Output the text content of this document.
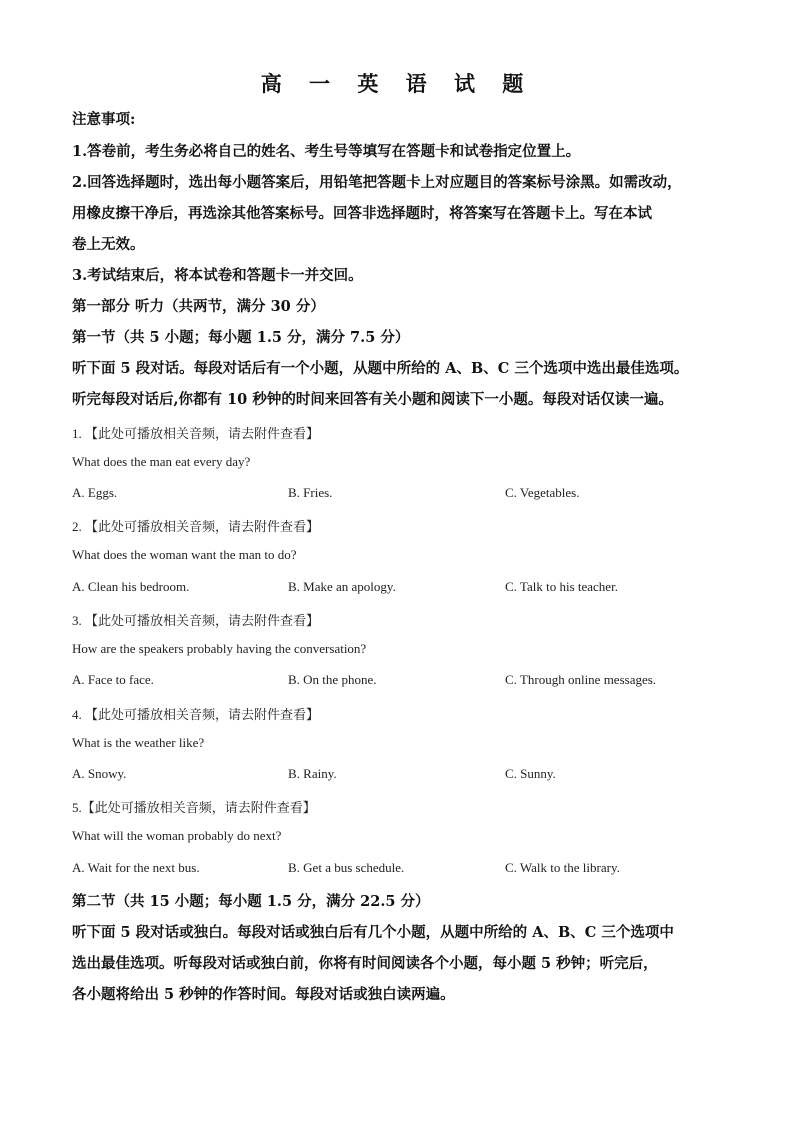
高 一 英 语 试 题
注意事项:
1.答卷前，考生务必将自己的姓名、考生号等填写在答题卡和试卷指定位置上。
2.回答选择题时，选出每小题答案后，用铅笔把答题卡上对应题目的答案标号涂黑。如需改动，
用橡皮擦干净后，再选涂其他答案标号。回答非选择题时，将答案写在答题卡上。写在本试
卷上无效。
3.考试结束后，将本试卷和答题卡一并交回。
第一部分 听力（共两节，满分 30 分）
第一节（共 5 小题；每小题 1.5 分，满分 7.5 分）
听下面 5 段对话。每段对话后有一个小题，从题中所给的 A、B、C 三个选项中选出最佳选项。
听完每段对话后,你都有 10 秒钟的时间来回答有关小题和阅读下一小题。每段对话仅读一遍。
1. 【此处可播放相关音频，请去附件查看】
What does the man eat every day?
A. Eggs.	B. Fries.	C. Vegetables.
2. 【此处可播放相关音频，请去附件查看】
What does the woman want the man to do?
A. Clean his bedroom.	B. Make an apology.	C. Talk to his teacher.
3. 【此处可播放相关音频，请去附件查看】
How are the speakers probably having the conversation?
A. Face to face.	B. On the phone.	C. Through online messages.
4. 【此处可播放相关音频，请去附件查看】
What is the weather like?
A. Snowy.	B. Rainy.	C. Sunny.
5.【此处可播放相关音频，请去附件查看】
What will the woman probably do next?
A. Wait for the next bus.	B. Get a bus schedule.	C. Walk to the library.
第二节（共 15 小题；每小题 1.5 分，满分 22.5 分）
听下面 5 段对话或独白。每段对话或独白后有几个小题，从题中所给的 A、B、C 三个选项中
选出最佳选项。听每段对话或独白前，你将有时间阅读各个小题，每小题 5 秒钟；听完后，
各小题将给出 5 秒钟的作答时间。每段对话或独白读两遍。
